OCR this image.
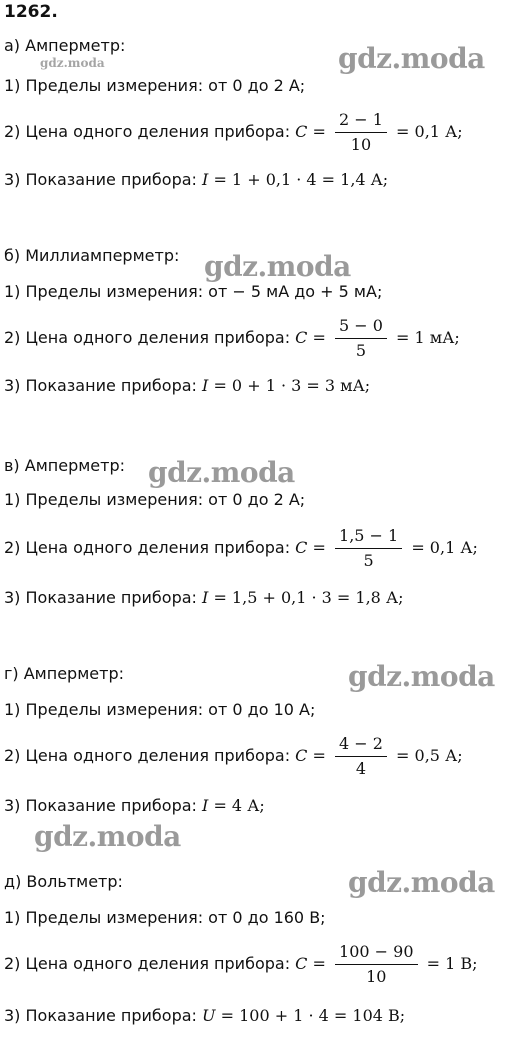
1262.
а) Амперметр:
gdz.moda
1) Пределы измерения: от 0 до 2 А;
2) Цена одного деления прибора: $C = \frac{2 - 1}{10} = 0,1$ А;
3) Показание прибора: I = 1 + 0,1 · 4 = 1,4 А;
gdz.moda
б) Миллиамперметр: gdz.moda
1) Пределы измерения: от − 5 мА до + 5 мА;
2) Цена одного деления прибора: $C = \frac{5 - 0}{5} = 1$ мА;
3) Показание прибора: I = 0 + 1 · 3 = 3 мА;
в) Амперметр: gdz.moda
1) Пределы измерения: от 0 до 2 А;
2) Цена одного деления прибора: $C = \frac{1,5 - 1}{5} = 0,1$ А;
3) Показание прибора: I = 1,5 + 0,1 · 3 = 1,8 А;
г) Амперметр:	gdz.moda
1) Пределы измерения: от 0 до 10 А;
2) Цена одного деления прибора: $C = \frac{4 - 2}{4} = 0,5$ А;
3) Показание прибора: I = 4 А;
gdz.moda
д) Вольтметр:	gdz.moda
1) Пределы измерения: от 0 до 160 В;
2) Цена одного деления прибора: $C = \frac{100 - 90}{10} = 1$ В;
3) Показание прибора: U = 100 + 1 · 4 = 104 В;
